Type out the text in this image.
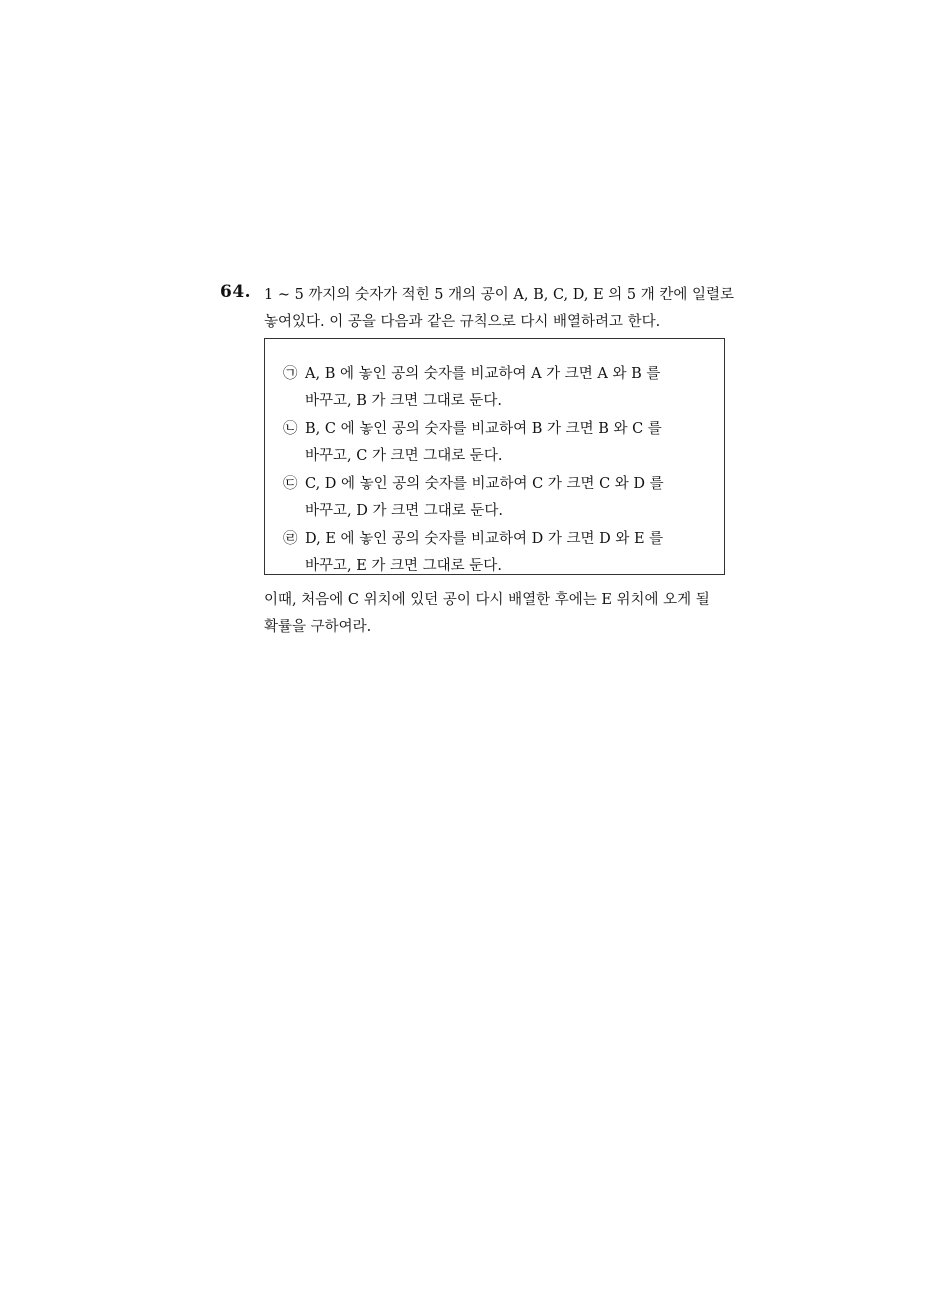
64. 1 ~ 5 까지의 숫자가 적힌 5 개의 공이 A, B, C, D, E 의 5 개 칸에 일렬로
놓여있다. 이 공을 다음과 같은 규칙으로 다시 배열하려고 한다.
㉠ A, B 에 놓인 공의 숫자를 비교하여 A 가 크면 A 와 B 를
바꾸고, B 가 크면 그대로 둔다.
㉡ B, C 에 놓인 공의 숫자를 비교하여 B 가 크면 B 와 C 를
바꾸고, C 가 크면 그대로 둔다.
㉢ C, D 에 놓인 공의 숫자를 비교하여 C 가 크면 C 와 D 를
바꾸고, D 가 크면 그대로 둔다.
㉣ D, E 에 놓인 공의 숫자를 비교하여 D 가 크면 D 와 E 를
바꾸고, E 가 크면 그대로 둔다.
이때, 처음에 C 위치에 있던 공이 다시 배열한 후에는 E 위치에 오게 될
확률을 구하여라.
